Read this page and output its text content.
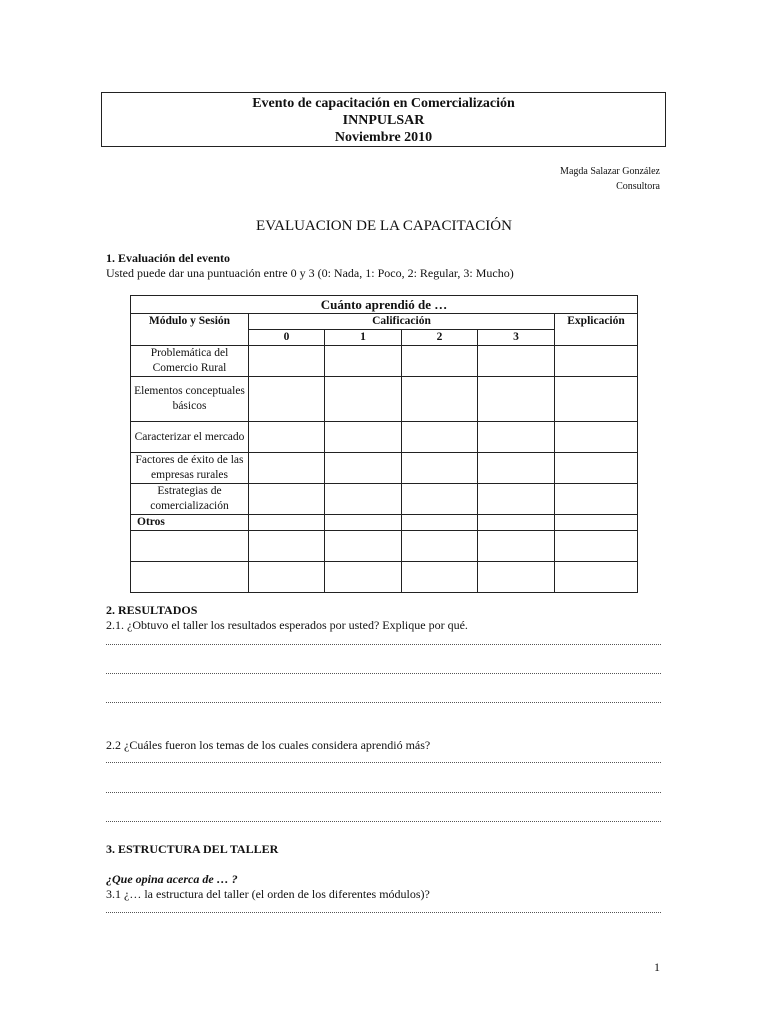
Evento de capacitación en Comercialización
INNPULSAR
Noviembre 2010
Magda Salazar González
Consultora
EVALUACION DE LA CAPACITACIÓN
1. Evaluación del evento
Usted puede dar una puntuación entre 0 y 3 (0: Nada, 1: Poco, 2: Regular, 3: Mucho)
Cuánto aprendió de …					
Módulo y Sesión	Calificación				Explicación
	0	1	2	3	
Problemática del Comercio Rural					
Elementos conceptuales básicos					
Caracterizar el mercado					
Factores de éxito de las empresas rurales					
Estrategias de comercialización					
Otros					

2. RESULTADOS
2.1. ¿Obtuvo el taller los resultados esperados por usted? Explique por qué.
2.2 ¿Cuáles fueron los temas de los cuales considera aprendió más?
3. ESTRUCTURA DEL TALLER
¿Que opina acerca de … ?
3.1 ¿… la estructura del taller (el orden de los diferentes módulos)?
1
